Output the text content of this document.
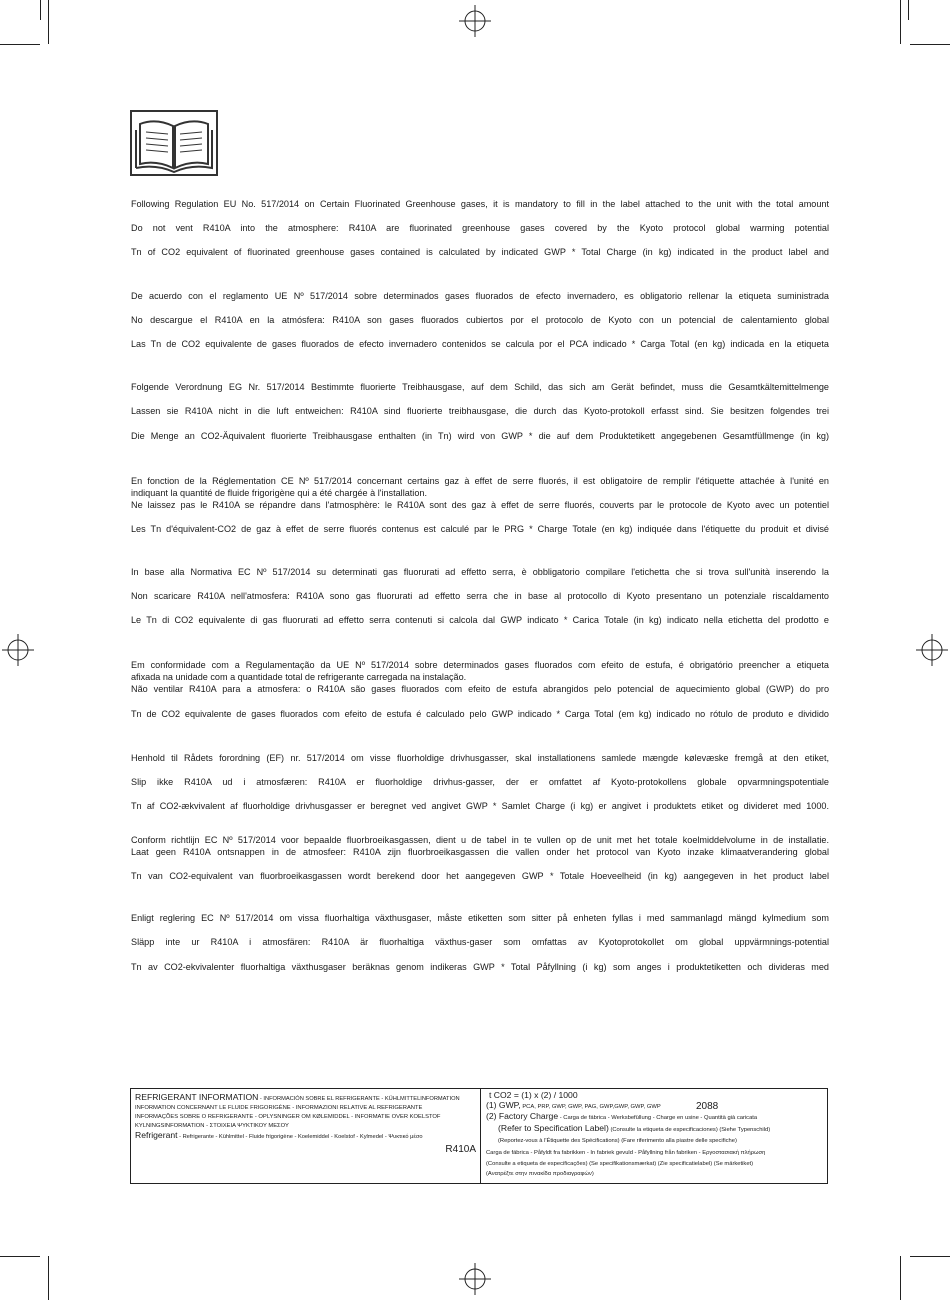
Following Regulation EU No. 517/2014 on Certain Fluorinated Greenhouse gases, it is mandatory to fill in the label attached to the unit with the total amount
Do not vent R410A into the atmosphere: R410A are fluorinated greenhouse gases covered by the Kyoto protocol global warming potential
Tn of CO2 equivalent of fluorinated greenhouse gases contained is calculated by indicated GWP * Total Charge (in kg) indicated in the product label and
De acuerdo con el reglamento UE Nº 517/2014 sobre determinados gases fluorados de efecto invernadero, es obligatorio rellenar la etiqueta suministrada
No descargue el R410A en la atmósfera: R410A son gases fluorados cubiertos por el protocolo de Kyoto con un potencial de calentamiento global
Las Tn de CO2 equivalente de gases fluorados de efecto invernadero contenidos se calcula por el PCA indicado * Carga Total (en kg) indicada en la etiqueta
Folgende Verordnung EG Nr. 517/2014 Bestimmte fluorierte Treibhausgase, auf dem Schild, das sich am Gerät befindet, muss die Gesamtkältemittelmenge
Lassen sie R410A nicht in die luft entweichen: R410A sind fluorierte treibhausgase, die durch das Kyoto-protokoll erfasst sind. Sie besitzen folgendes trei
Die Menge an CO2-Äquivalent fluorierte Treibhausgase enthalten (in Tn) wird von GWP * die auf dem Produktetikett angegebenen Gesamtfüllmenge (in kg)
En fonction de la Réglementation CE Nº 517/2014 concernant certains gaz à effet de serre fluorés, il est obligatoire de remplir l'étiquette attachée à l'unité en
indiquant la quantité de fluide frigorigène qui a été chargée à l'installation.
Ne laissez pas le R410A se répandre dans l'atmosphère: le R410A sont des gaz à effet de serre fluorés, couverts par le protocole de Kyoto avec un potentiel
Les Tn d'équivalent-CO2 de gaz à effet de serre fluorés contenus est calculé par le PRG * Charge Totale (en kg) indiquée dans l'étiquette du produit et divisé
In base alla Normativa EC Nº 517/2014 su determinati gas fluorurati ad effetto serra, è obbligatorio compilare l'etichetta che si trova sull'unità inserendo la
Non scaricare R410A nell'atmosfera: R410A sono gas fluorurati ad effetto serra che in base al protocollo di Kyoto presentano un potenziale riscaldamento
Le Tn di CO2 equivalente di gas fluorurati ad effetto serra contenuti si calcola dal GWP indicato * Carica Totale (in kg) indicato nella etichetta del prodotto e
Em conformidade com a Regulamentação da UE Nº 517/2014 sobre determinados gases fluorados com efeito de estufa, é obrigatório preencher a etiqueta
afixada na unidade com a quantidade total de refrigerante carregada na instalação.
Não ventilar R410A para a atmosfera: o R410A são gases fluorados com efeito de estufa abrangidos pelo potencial de aquecimiento global (GWP) do pro
Tn de CO2 equivalente de gases fluorados com efeito de estufa é calculado pelo GWP indicado * Carga Total (em kg) indicado no rótulo de produto e dividido
Henhold til Rådets forordning (EF) nr. 517/2014 om visse fluorholdige drivhusgasser, skal installationens samlede mængde kølevæske fremgå at den etiket,
Slip ikke R410A ud i atmosfæren: R410A er fluorholdige drivhus-gasser, der er omfattet af Kyoto-protokollens globale opvarmningspotentiale
Tn af CO2-ækvivalent af fluorholdige drivhusgasser er beregnet ved angivet GWP * Samlet Charge (i kg) er angivet i produktets etiket og divideret med 1000.
Conform richtlijn EC Nº 517/2014 voor bepaalde fluorbroeikasgassen, dient u de tabel in te vullen op de unit met het totale koelmiddelvolume in de installatie.
Laat geen R410A ontsnappen in de atmosfeer: R410A zijn fluorbroeikasgassen die vallen onder het protocol van Kyoto inzake klimaatverandering global
Tn van CO2-equivalent van fluorbroeikasgassen wordt berekend door het aangegeven GWP * Totale Hoeveelheid (in kg) aangegeven in het product label
Enligt reglering EC Nº 517/2014 om vissa fluorhaltiga växthusgaser, måste etiketten som sitter på enheten fyllas i med sammanlagd mängd kylmedium som
Släpp inte ur R410A i atmosfären: R410A är fluorhaltiga växthus-gaser som omfattas av Kyotoprotokollet om global uppvärmnings-potential
Tn av CO2-ekvivalenter fluorhaltiga växthusgaser beräknas genom indikeras GWP * Total Påfyllning (i kg) som anges i produktetiketten och divideras med
REFRIGERANT INFORMATION - INFORMACIÓN SOBRE EL REFRIGERANTE - KÜHLMITTELINFORMATION
INFORMATION CONCERNANT LE FLUIDE FRIGORIGÈNE - INFORMAZIONI RELATIVE AL REFRIGERANTE
INFORMAÇÕES SOBRE O REFRIGERANTE - OPLYSNINGER OM KØLEMIDDEL - INFORMATIE OVER KOELSTOF
KYLNINGSINFORMATION - ΣΤΟΙΧΕΙΑ ΨΥΚΤΙΚΟΥ ΜΕΣΟΥ
Refrigerant - Refrigerante - Kühlmittel - Fluide frigorigène - Koelemiddel - Koelstof - Kylmedel - Ψυκτικό μέσο
R410A
t CO2 = (1) x (2) / 1000
(1) GWP, PCA, PRP, GWP, GWP, PAG, GWP,GWP, GWP, GWP	2088
(2) Factory Charge - Carga de fábrica - Werksbefüllung - Charge en usine - Quantità già caricata
(Refer to Specification Label) (Consulte la etiqueta de especificaciones) (Siehe Typenschild)
(Reportez-vous à l'Étiquette des Spécifications) (Fare riferimento alla piastre delle specifiche)
Carga de fábrica - Påfyldt fra fabrikken - In fabriek gevuld - Påfyllning från fabriken - Εργοστασιακή πλήρωση
(Consulte a etiqueta de especificações) (Se specifikationsmærkat) (Zie specificatielabel) (Se märketiket)
(Ανατρέξτε στην πινακίδα προδιαγραφών)
